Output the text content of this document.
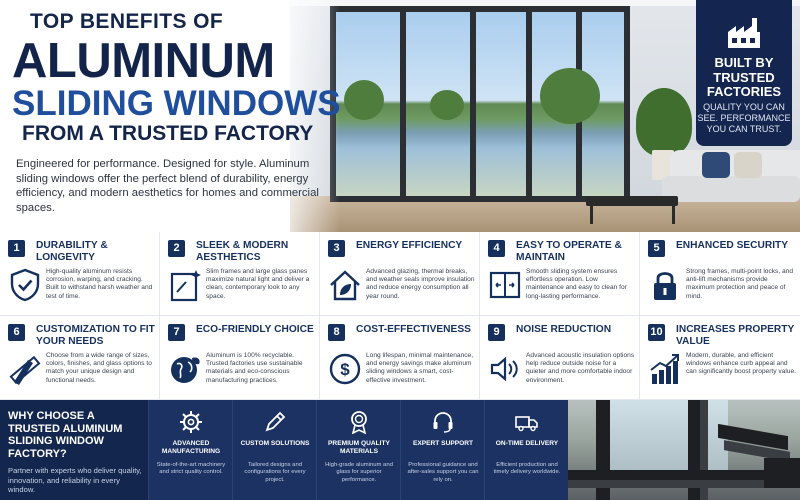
TOP BENEFITS OF
ALUMINUM
SLIDING WINDOWS
FROM A TRUSTED FACTORY
Engineered for performance. Designed for style. Aluminum sliding windows offer the perfect blend of durability, energy efficiency, and modern aesthetics for homes and commercial spaces.
BUILT BY TRUSTED FACTORIES
QUALITY YOU CAN SEE. PERFORMANCE YOU CAN TRUST.
1	DURABILITY & LONGEVITY
High-quality aluminum resists corrosion, warping, and cracking. Built to withstand harsh weather and test of time.
2	SLEEK & MODERN AESTHETICS
Slim frames and large glass panes maximize natural light and deliver a clean, contemporary look to any space.
3	ENERGY EFFICIENCY
Advanced glazing, thermal breaks, and weather seals improve insulation and reduce energy consumption all year round.
4	EASY TO OPERATE & MAINTAIN
Smooth sliding system ensures effortless operation. Low maintenance and easy to clean for long-lasting performance.
5	ENHANCED SECURITY
Strong frames, multi-point locks, and anti-lift mechanisms provide maximum protection and peace of mind.
6	CUSTOMIZATION TO FIT YOUR NEEDS
Choose from a wide range of sizes, colors, finishes, and glass options to match your unique design and functional needs.
7	ECO-FRIENDLY CHOICE
Aluminum is 100% recyclable. Trusted factories use sustainable materials and eco-conscious manufacturing practices.
8	COST-EFFECTIVENESS
$
Long lifespan, minimal maintenance, and energy savings make aluminum sliding windows a smart, cost-effective investment.
9	NOISE REDUCTION
Advanced acoustic insulation options help reduce outside noise for a quieter and more comfortable indoor environment.
10 INCREASES PROPERTY VALUE
Modern, durable, and efficient windows enhance curb appeal and can significantly boost property value.
WHY CHOOSE A TRUSTED ALUMINUM SLIDING WINDOW FACTORY?
Partner with experts who deliver quality, innovation, and reliability in every window.
ADVANCED MANUFACTURING
State-of-the-art machinery and strict quality control.
CUSTOM SOLUTIONS
Tailored designs and configurations for every project.
PREMIUM QUALITY MATERIALS
High-grade aluminum and glass for superior performance.
EXPERT SUPPORT
Professional guidance and after-sales support you can rely on.
ON-TIME DELIVERY
Efficient production and timely delivery worldwide.
